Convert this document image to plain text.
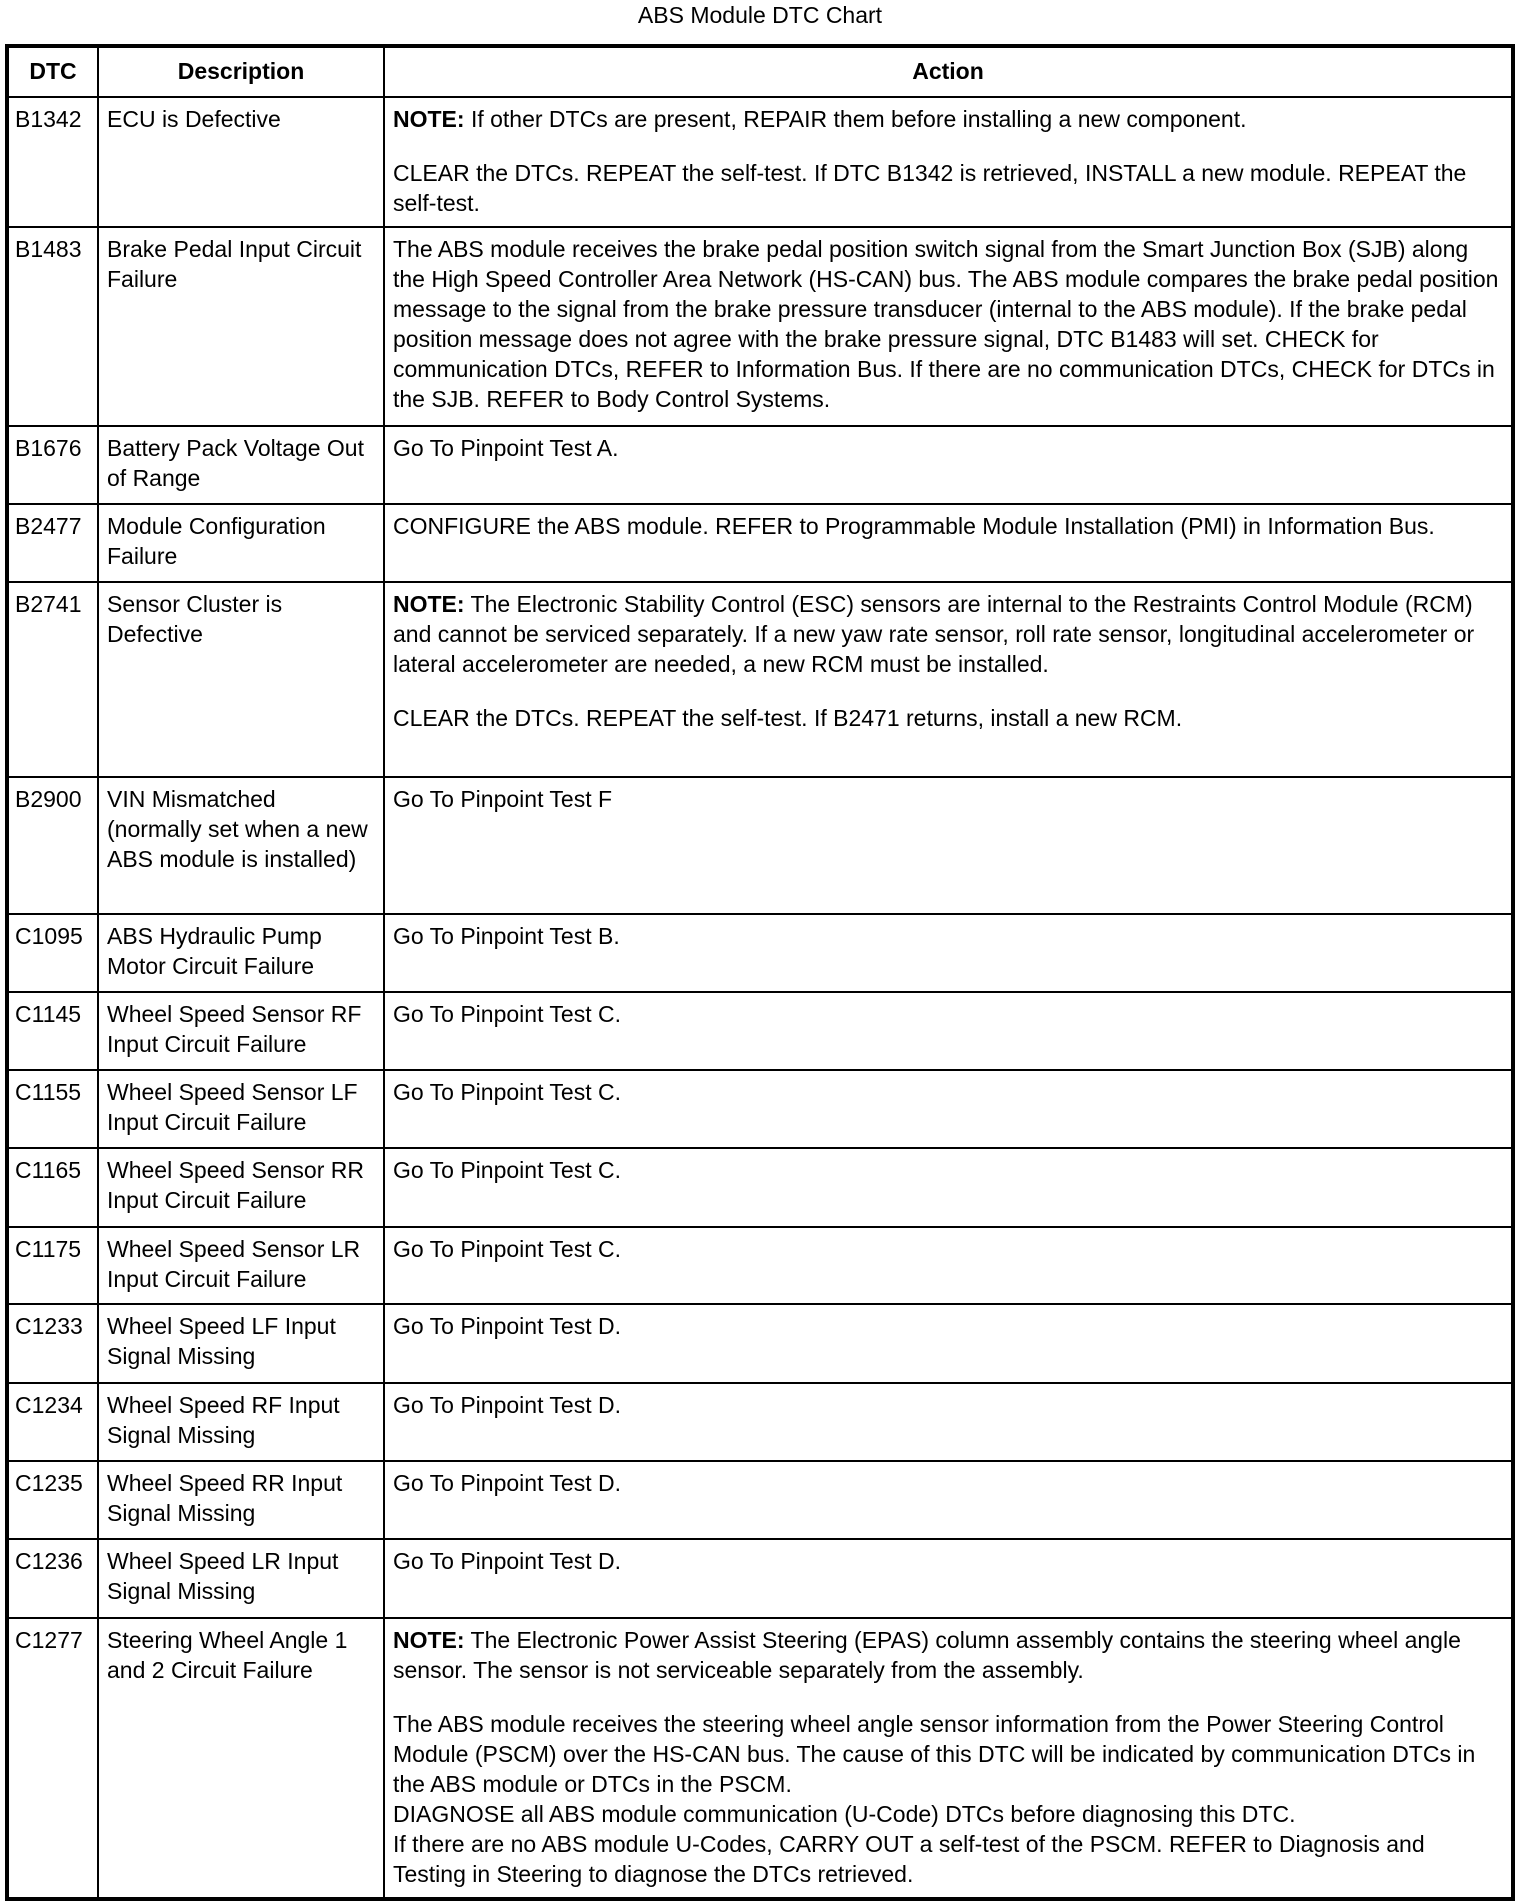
ABS Module DTC Chart
DTC	Description	Action
B1342	ECU is Defective	NOTE: If other DTCs are present, REPAIR them before installing a new component.

CLEAR the DTCs. REPEAT the self-test. If DTC B1342 is retrieved, INSTALL a new module. REPEAT the self-test.

B1483	Brake Pedal Input Circuit Failure	The ABS module receives the brake pedal position switch signal from the Smart Junction Box (SJB) along the High Speed Controller Area Network (HS-CAN) bus. The ABS module compares the brake pedal position message to the signal from the brake pressure transducer (internal to the ABS module). If the brake pedal position message does not agree with the brake pressure signal, DTC B1483 will set. CHECK for communication DTCs, REFER to Information Bus. If there are no communication DTCs, CHECK for DTCs in the SJB. REFER to Body Control Systems.

B1676	Battery Pack Voltage Out of Range	Go To Pinpoint Test A.

B2477	Module Configuration Failure	CONFIGURE the ABS module. REFER to Programmable Module Installation (PMI) in Information Bus.

B2741	Sensor Cluster is Defective	NOTE: The Electronic Stability Control (ESC) sensors are internal to the Restraints Control Module (RCM) and cannot be serviced separately. If a new yaw rate sensor, roll rate sensor, longitudinal accelerometer or lateral accelerometer are needed, a new RCM must be installed.

CLEAR the DTCs. REPEAT the self-test. If B2471 returns, install a new RCM.

B2900	VIN Mismatched (normally set when a new ABS module is installed)	Go To Pinpoint Test F

C1095	ABS Hydraulic Pump Motor Circuit Failure	Go To Pinpoint Test B.

C1145	Wheel Speed Sensor RF Input Circuit Failure	Go To Pinpoint Test C.

C1155	Wheel Speed Sensor LF Input Circuit Failure	Go To Pinpoint Test C.

C1165	Wheel Speed Sensor RR Input Circuit Failure	Go To Pinpoint Test C.

C1175	Wheel Speed Sensor LR Input Circuit Failure	Go To Pinpoint Test C.

C1233	Wheel Speed LF Input Signal Missing	Go To Pinpoint Test D.

C1234	Wheel Speed RF Input Signal Missing	Go To Pinpoint Test D.

C1235	Wheel Speed RR Input Signal Missing	Go To Pinpoint Test D.

C1236	Wheel Speed LR Input Signal Missing	Go To Pinpoint Test D.

C1277	Steering Wheel Angle 1 and 2 Circuit Failure	NOTE: The Electronic Power Assist Steering (EPAS) column assembly contains the steering wheel angle sensor. The sensor is not serviceable separately from the assembly.

The ABS module receives the steering wheel angle sensor information from the Power Steering Control Module (PSCM) over the HS-CAN bus. The cause of this DTC will be indicated by communication DTCs in the ABS module or DTCs in the PSCM.

DIAGNOSE all ABS module communication (U-Code) DTCs before diagnosing this DTC.

If there are no ABS module U-Codes, CARRY OUT a self-test of the PSCM. REFER to Diagnosis and Testing in Steering to diagnose the DTCs retrieved.
